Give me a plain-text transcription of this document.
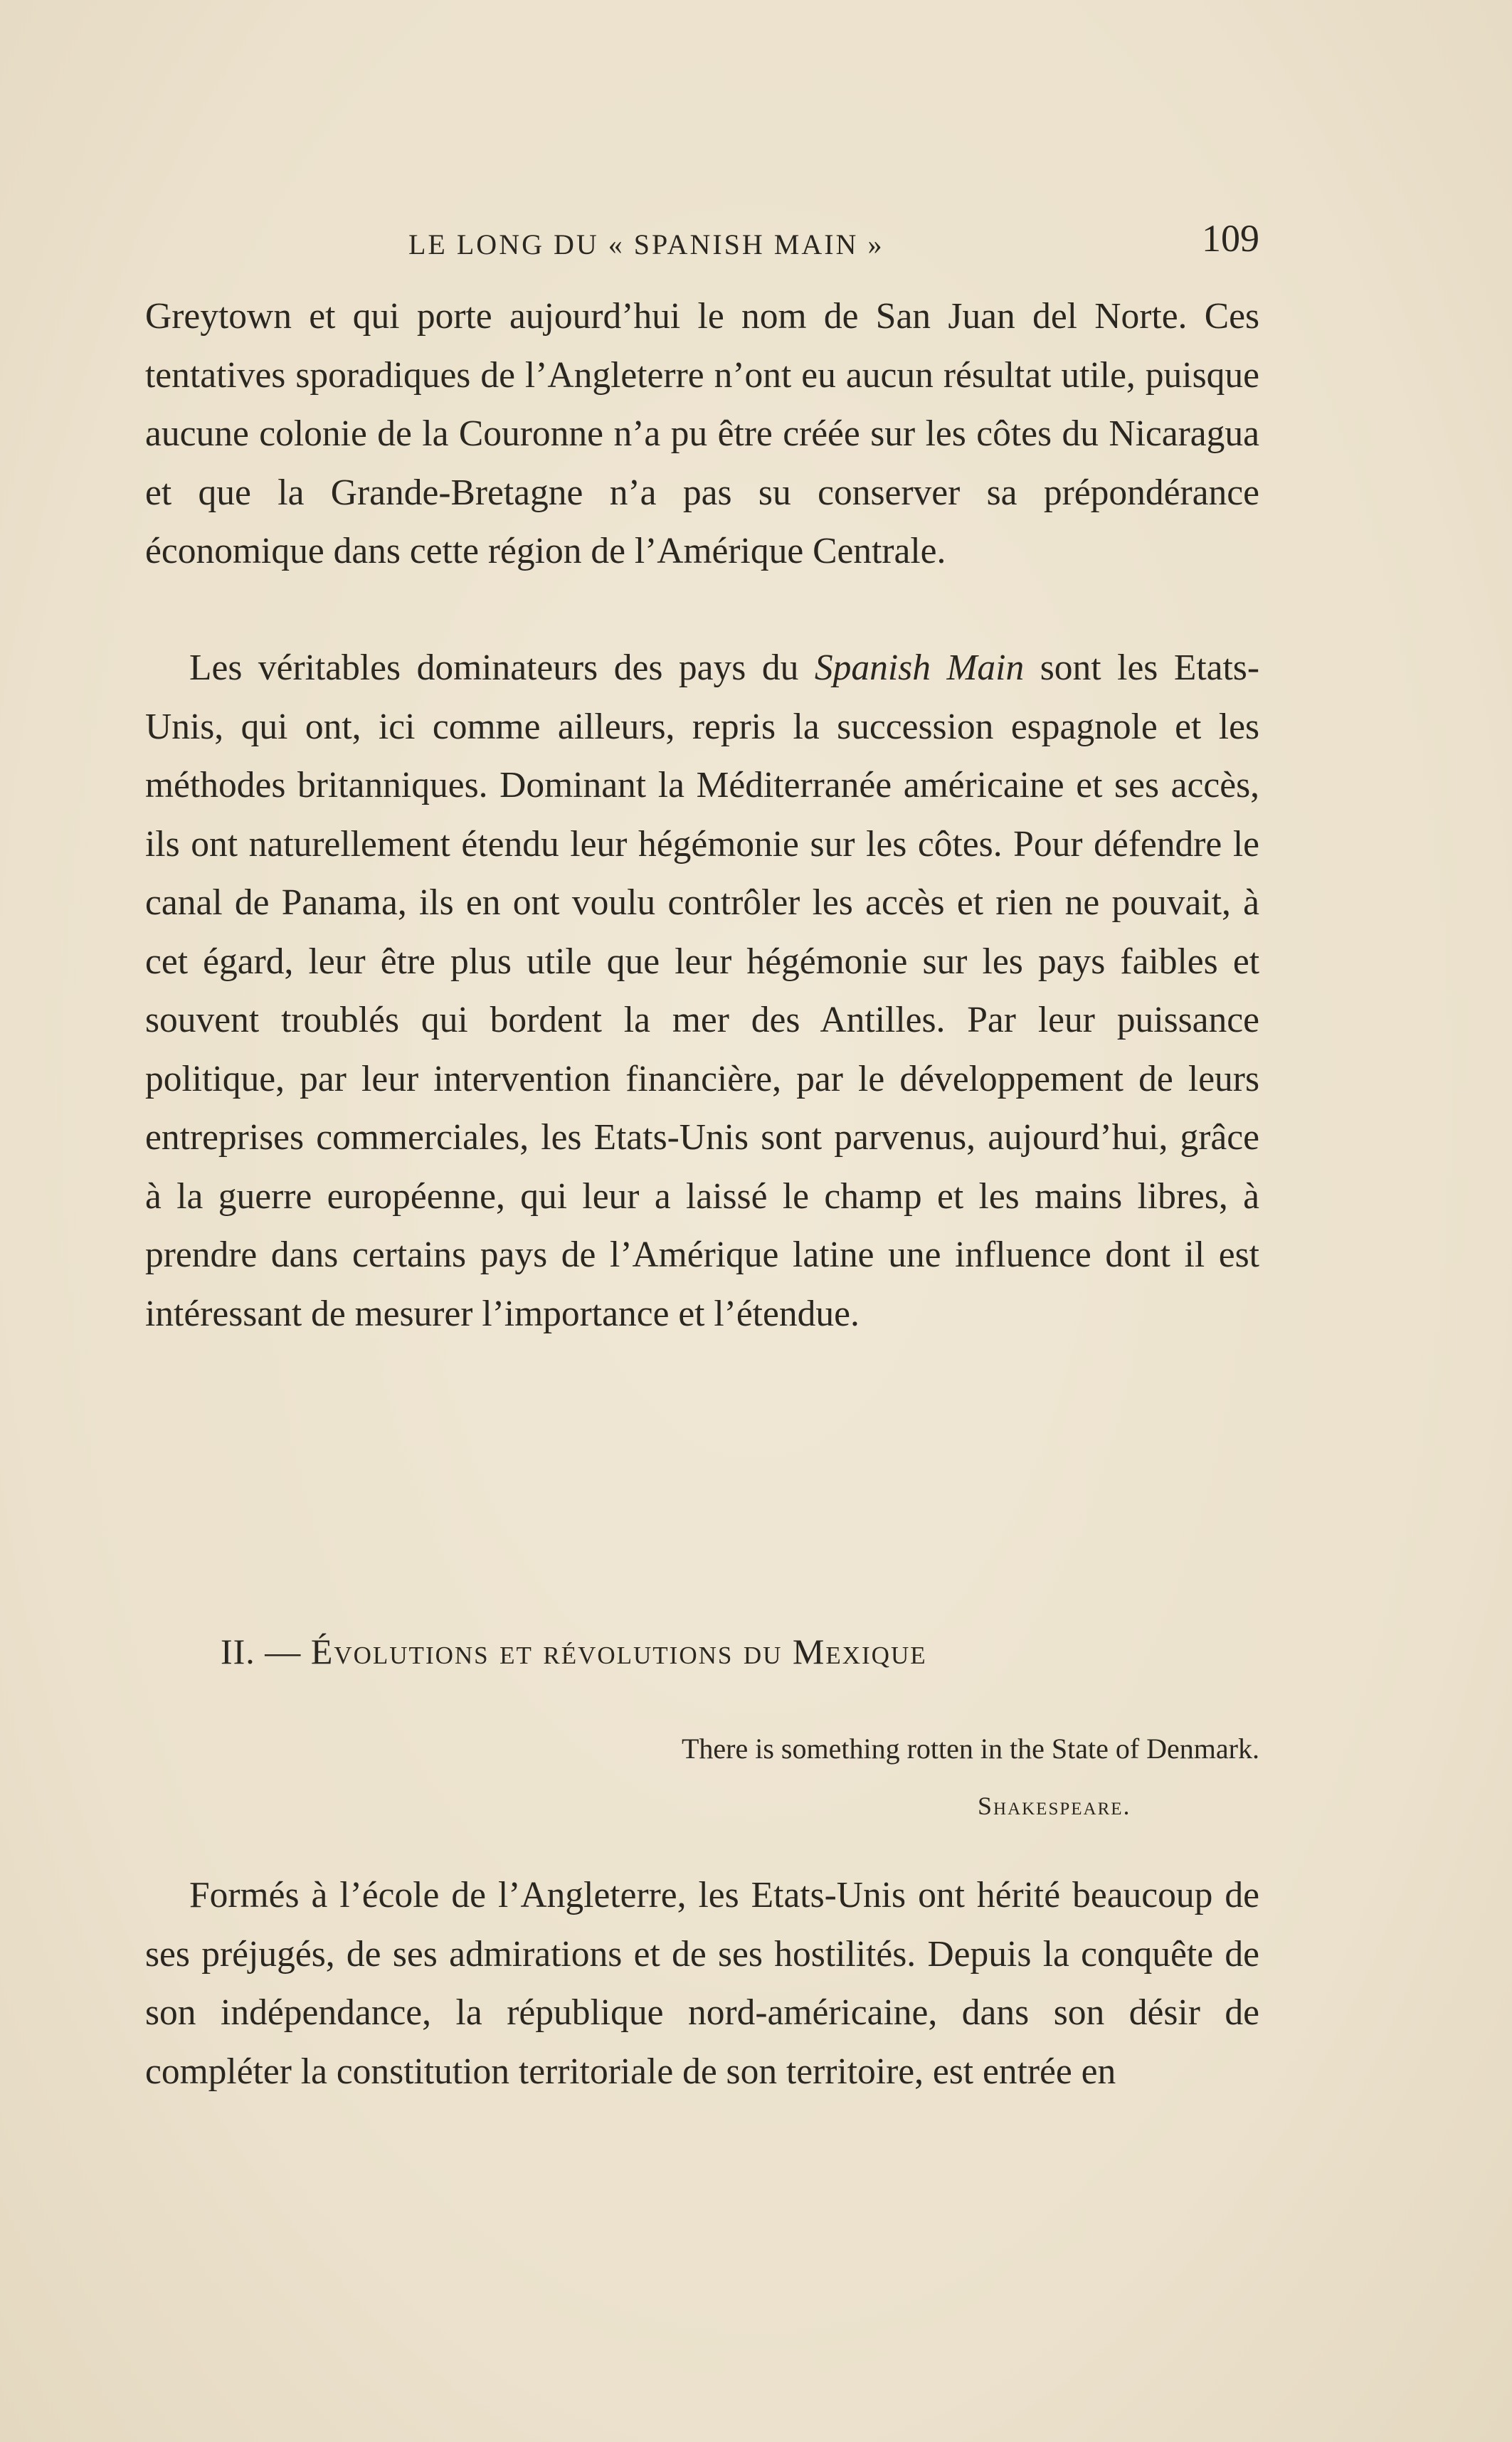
LE LONG DU « SPANISH MAIN »	109

Greytown et qui porte aujourd’hui le nom de San Juan del Norte. Ces tentatives sporadiques de l’Angleterre n’ont eu aucun résultat utile, puisque aucune colonie de la Couronne n’a pu être créée sur les côtes du Nicaragua et que la Grande-Bretagne n’a pas su conserver sa prépondérance économique dans cette région de l’Amérique Centrale.

Les véritables dominateurs des pays du Spanish Main sont les Etats-Unis, qui ont, ici comme ailleurs, repris la succession espagnole et les méthodes britanniques. Dominant la Méditerranée américaine et ses accès, ils ont naturellement étendu leur hégémonie sur les côtes. Pour défendre le canal de Panama, ils en ont voulu contrôler les accès et rien ne pouvait, à cet égard, leur être plus utile que leur hégémonie sur les pays faibles et souvent troublés qui bordent la mer des Antilles. Par leur puissance politique, par leur intervention financière, par le développement de leurs entreprises commerciales, les Etats-Unis sont parvenus, aujourd’hui, grâce à la guerre européenne, qui leur a laissé le champ et les mains libres, à prendre dans certains pays de l’Amérique latine une influence dont il est intéressant de mesurer l’importance et l’étendue.

II. — Évolutions et révolutions du Mexique
There is something rotten in the State of Denmark.
Shakespeare.

Formés à l’école de l’Angleterre, les Etats-Unis ont hérité beaucoup de ses préjugés, de ses admirations et de ses hostilités. Depuis la conquête de son indépendance, la république nord-américaine, dans son désir de compléter la constitution territoriale de son territoire, est entrée en
